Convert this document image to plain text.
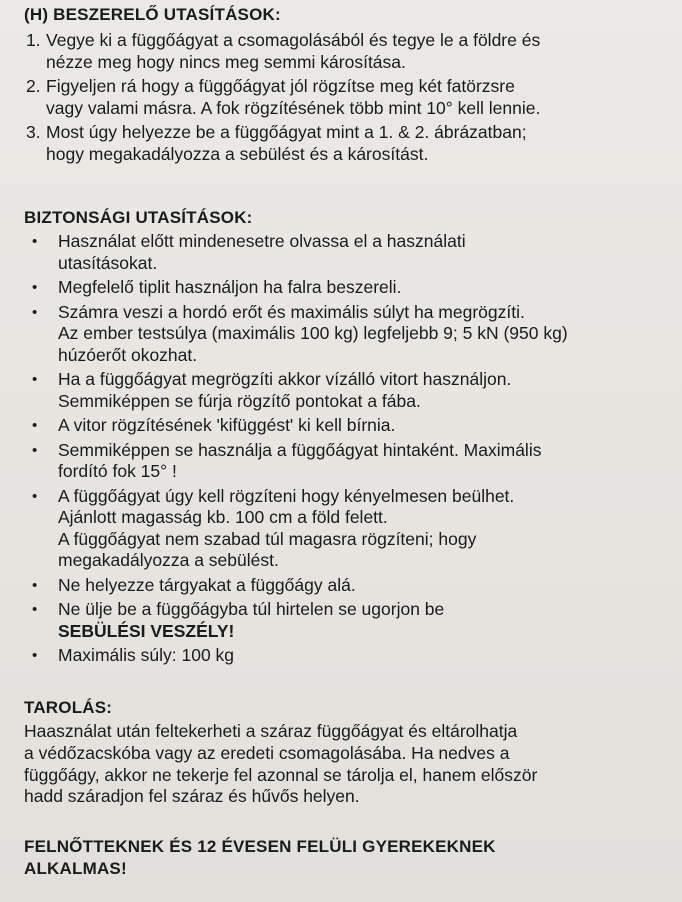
(H) BESZERELŐ UTASÍTÁSOK:

1. Vegye ki a függőágyat a csomagolásából és tegye le a földre és
nézze meg hogy nincs meg semmi károsítása.
2. Figyeljen rá hogy a függőágyat jól rögzítse meg két fatörzsre
vagy valami másra. A fok rögzítésének több mint 10° kell lennie.
3. Most úgy helyezze be a függőágyat mint a 1. & 2. ábrázatban;
hogy megakadályozza a sebülést és a károsítást.

BIZTONSÁGI UTASÍTÁSOK:

• Használat előtt mindenesetre olvassa el a használati
utasításokat.
• Megfelelő tiplit használjon ha falra beszereli.
• Számra veszi a hordó erőt és maximális súlyt ha megrögzíti.
Az ember testsúlya (maximális 100 kg) legfeljebb 9; 5 kN (950 kg)
húzóerőt okozhat.
• Ha a függőágyat megrögzíti akkor vízálló vitort használjon.
Semmiképpen se fúrja rögzítő pontokat a fába.
• A vitor rögzítésének 'kifüggést' ki kell bírnia.
• Semmiképpen se használja a függőágyat hintaként. Maximális
fordító fok 15° !
• A függőágyat úgy kell rögzíteni hogy kényelmesen beülhet.
Ajánlott magasság kb. 100 cm a föld felett.
A függőágyat nem szabad túl magasra rögzíteni; hogy
megakadályozza a sebülést.
• Ne helyezze tárgyakat a függőágy alá.
• Ne ülje be a függőágyba túl hirtelen se ugorjon be
SEBÜLÉSI VESZÉLY!
• Maximális súly: 100 kg

TAROLÁS:

Haasználat után feltekerheti a száraz függőágyat és eltárolhatja
a védőzacskóba vagy az eredeti csomagolásába. Ha nedves a
függőágy, akkor ne tekerje fel azonnal se tárolja el, hanem először
hadd száradjon fel száraz és hűvős helyen.

FELNŐTTEKNEK ÉS 12 ÉVESEN FELÜLI GYEREKEKNEK
ALKALMAS!
